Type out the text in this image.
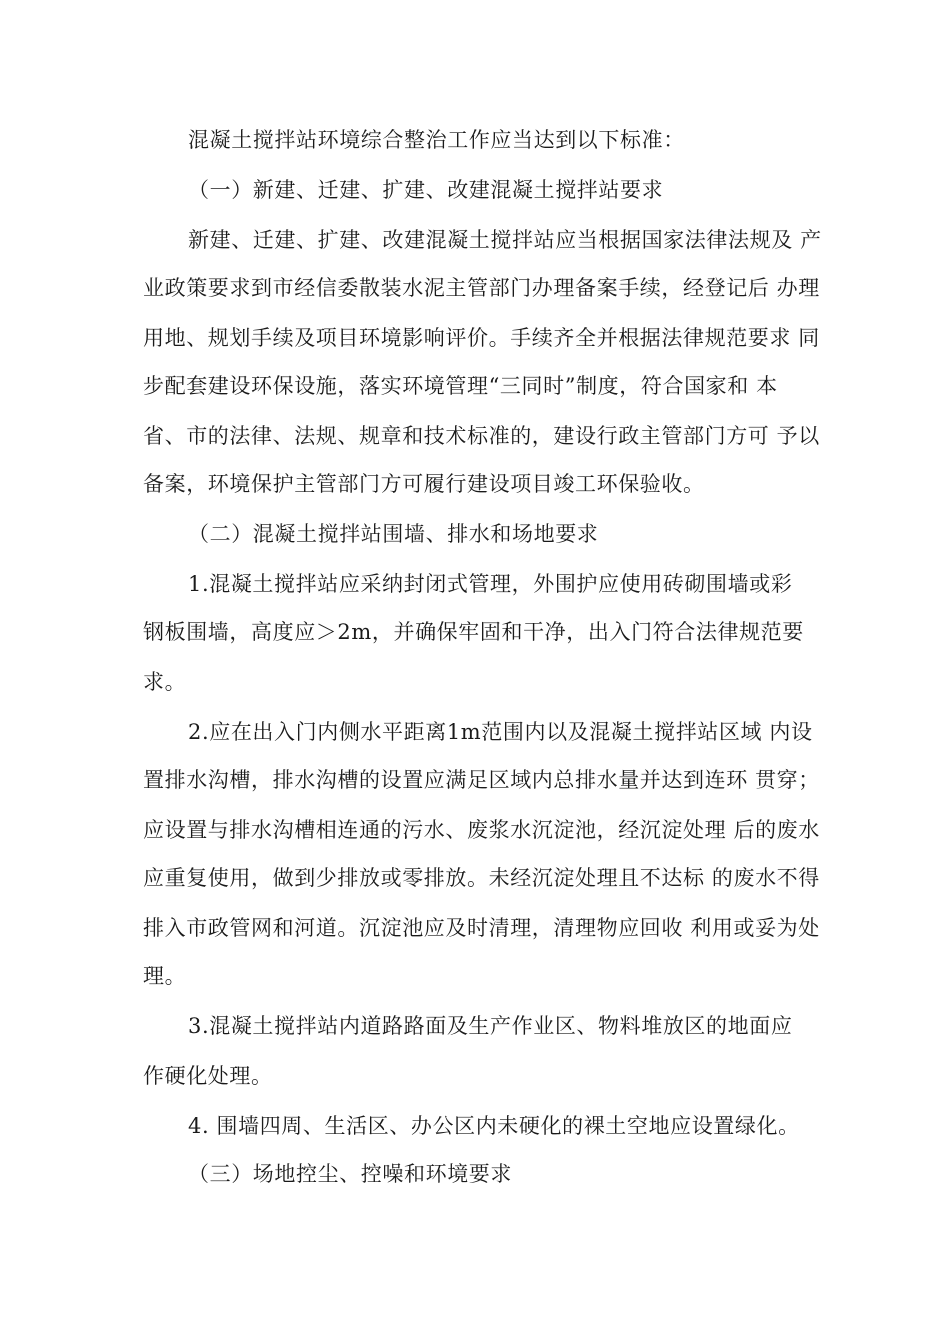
混凝土搅拌站环境综合整治工作应当达到以下标准：
（一）新建、迁建、扩建、改建混凝土搅拌站要求
新建、迁建、扩建、改建混凝土搅拌站应当根据国家法律法规及 产
业政策要求到市经信委散装水泥主管部门办理备案手续，经登记后 办理
用地、规划手续及项目环境影响评价。手续齐全并根据法律规范要求 同
步配套建设环保设施，落实环境管理“三同时”制度，符合国家和 本
省、市的法律、法规、规章和技术标准的，建设行政主管部门方可 予以
备案，环境保护主管部门方可履行建设项目竣工环保验收。
（二）混凝土搅拌站围墙、排水和场地要求
1.混凝土搅拌站应采纳封闭式管理，外围护应使用砖砌围墙或彩
钢板围墙，高度应＞2m，并确保牢固和干净，出入门符合法律规范要
求。
2.应在出入门内侧水平距离1m范围内以及混凝土搅拌站区域 内设
置排水沟槽，排水沟槽的设置应满足区域内总排水量并达到连环 贯穿；
应设置与排水沟槽相连通的污水、废浆水沉淀池，经沉淀处理 后的废水
应重复使用，做到少排放或零排放。未经沉淀处理且不达标 的废水不得
排入市政管网和河道。沉淀池应及时清理，清理物应回收 利用或妥为处
理。
3.混凝土搅拌站内道路路面及生产作业区、物料堆放区的地面应
作硬化处理。
4. 围墙四周、生活区、办公区内未硬化的裸土空地应设置绿化。
（三）场地控尘、控噪和环境要求
